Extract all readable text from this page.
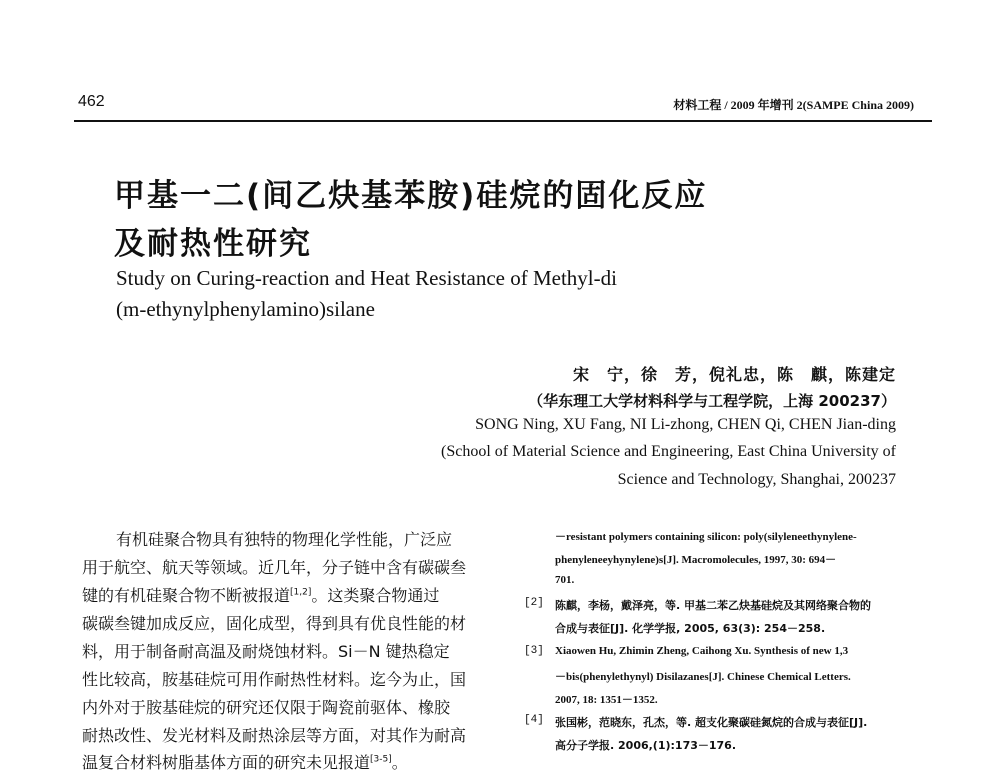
462	材料工程 / 2009 年增刊 2(SAMPE China 2009)
甲基一二(间乙炔基苯胺)硅烷的固化反应
及耐热性研究
Study on Curing-reaction and Heat Resistance of Methyl-di
(m-ethynylphenylamino)silane
宋　宁，徐　芳，倪礼忠，陈　麒，陈建定
（华东理工大学材料科学与工程学院，上海 200237）
SONG Ning, XU Fang, NI Li-zhong, CHEN Qi, CHEN Jian-ding
(School of Material Science and Engineering, East China University of
Science and Technology, Shanghai, 200237
有机硅聚合物具有独特的物理化学性能，广泛应
用于航空、航天等领域。近几年，分子链中含有碳碳叁
键的有机硅聚合物不断被报道[1,2]。这类聚合物通过
碳碳叁键加成反应，固化成型，得到具有优良性能的材
料，用于制备耐高温及耐烧蚀材料。Si－N 键热稳定
性比较高，胺基硅烷可用作耐热性材料。迄今为止，国
内外对于胺基硅烷的研究还仅限于陶瓷前驱体、橡胶
耐热改性、发光材料及耐热涂层等方面，对其作为耐高
温复合材料树脂基体方面的研究未见报道[3-5]。
－resistant polymers containing silicon: poly(silyleneethynylene-
phenyleneeyhynylene)s[J]. Macromolecules, 1997, 30: 694－
701.
[2] 陈麒，李杨，戴泽亮，等. 甲基二苯乙炔基硅烷及其网络聚合物的
合成与表征[J]. 化学学报, 2005, 63(3): 254－258.
[3] Xiaowen Hu, Zhimin Zheng, Caihong Xu. Synthesis of new 1,3
－bis(phenylethynyl) Disilazanes[J]. Chinese Chemical Letters.
2007, 18: 1351－1352.
[4] 张国彬，范晓东，孔杰，等. 超支化聚碳硅氮烷的合成与表征[J].
高分子学报. 2006,(1):173－176.
